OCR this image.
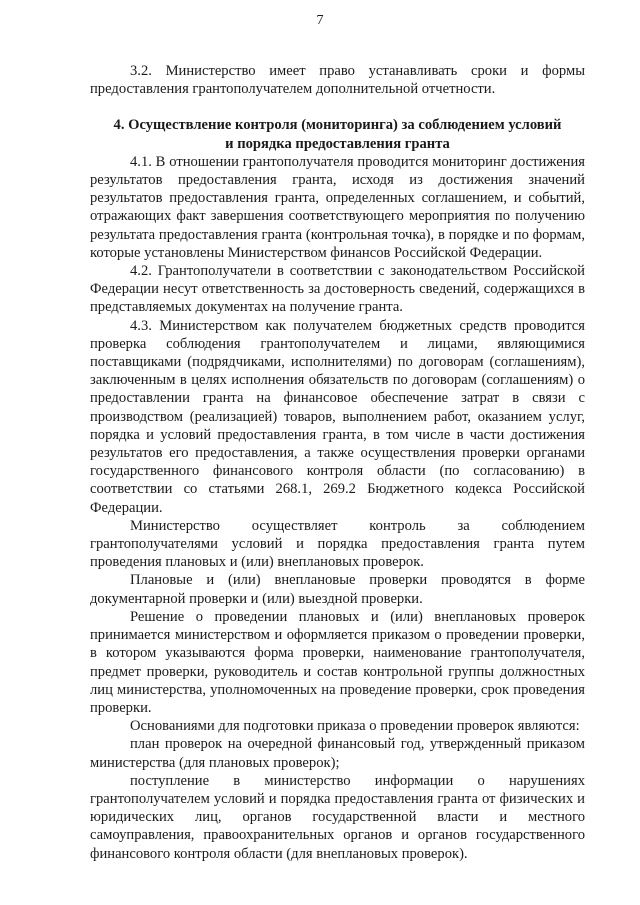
7

3.2. Министерство имеет право устанавливать сроки и формы предоставления грантополучателем дополнительной отчетности.

4. Осуществление контроля (мониторинга) за соблюдением условий
и порядка предоставления гранта

4.1. В отношении грантополучателя проводится мониторинг достижения результатов предоставления гранта, исходя из достижения значений результатов предоставления гранта, определенных соглашением, и событий, отражающих факт завершения соответствующего мероприятия по получению результата предоставления гранта (контрольная точка), в порядке и по формам, которые установлены Министерством финансов Российской Федерации.

4.2. Грантополучатели в соответствии с законодательством Российской Федерации несут ответственность за достоверность сведений, содержащихся в представляемых документах на получение гранта.

4.3. Министерством как получателем бюджетных средств проводится проверка соблюдения грантополучателем и лицами, являющимися поставщиками (подрядчиками, исполнителями) по договорам (соглашениям), заключенным в целях исполнения обязательств по договорам (соглашениям) о предоставлении гранта на финансовое обеспечение затрат в связи с производством (реализацией) товаров, выполнением работ, оказанием услуг, порядка и условий предоставления гранта, в том числе в части достижения результатов его предоставления, а также осуществления проверки органами государственного финансового контроля области (по согласованию) в соответствии со статьями 268.1, 269.2 Бюджетного кодекса Российской Федерации.

Министерство осуществляет контроль за соблюдением грантополучателями условий и порядка предоставления гранта путем проведения плановых и (или) внеплановых проверок.

Плановые и (или) внеплановые проверки проводятся в форме документарной проверки и (или) выездной проверки.

Решение о проведении плановых и (или) внеплановых проверок принимается министерством и оформляется приказом о проведении проверки, в котором указываются форма проверки, наименование грантополучателя, предмет проверки, руководитель и состав контрольной группы должностных лиц министерства, уполномоченных на проведение проверки, срок проведения проверки.

Основаниями для подготовки приказа о проведении проверок являются:

план проверок на очередной финансовый год, утвержденный приказом министерства (для плановых проверок);

поступление в министерство информации о нарушениях грантополучателем условий и порядка предоставления гранта от физических и юридических лиц, органов государственной власти и местного самоуправления, правоохранительных органов и органов государственного финансового контроля области (для внеплановых проверок).
